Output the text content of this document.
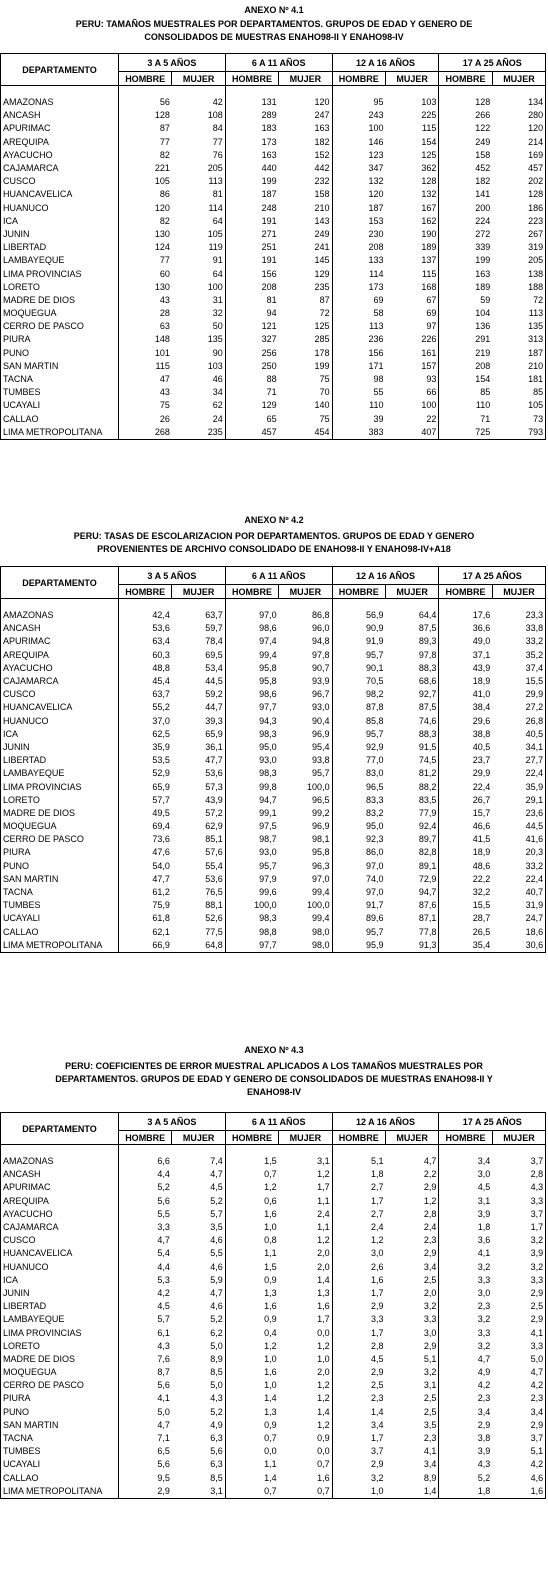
ANEXO Nº 4.1
PERU: TAMAÑOS MUESTRALES POR DEPARTAMENTOS. GRUPOS DE EDAD Y GENERO DE
CONSOLIDADOS DE MUESTRAS ENAHO98-II Y ENAHO98-IV
DEPARTAMENTO	3 A 5 AÑOS		6 A 11 AÑOS		12 A 16 AÑOS		17 A 25 AÑOS	
	HOMBRE	MUJER	HOMBRE	MUJER	HOMBRE	MUJER	HOMBRE	MUJER

AMAZONAS	56	42	131	120	95	103	128	134
ANCASH	128	108	289	247	243	225	266	280
APURIMAC	87	84	183	163	100	115	122	120
AREQUIPA	77	77	173	182	146	154	249	214
AYACUCHO	82	76	163	152	123	125	158	169
CAJAMARCA	221	205	440	442	347	362	452	457
CUSCO	105	113	199	232	132	128	182	202
HUANCAVELICA	86	81	187	158	120	132	141	128
HUANUCO	120	114	248	210	187	167	200	186
ICA	82	64	191	143	153	162	224	223
JUNIN	130	105	271	249	230	190	272	267
LIBERTAD	124	119	251	241	208	189	339	319
LAMBAYEQUE	77	91	191	145	133	137	199	205
LIMA PROVINCIAS	60	64	156	129	114	115	163	138
LORETO	130	100	208	235	173	168	189	188
MADRE DE DIOS	43	31	81	87	69	67	59	72
MOQUEGUA	28	32	94	72	58	69	104	113
CERRO DE PASCO	63	50	121	125	113	97	136	135
PIURA	148	135	327	285	236	226	291	313
PUNO	101	90	256	178	156	161	219	187
SAN MARTIN	115	103	250	199	171	157	208	210
TACNA	47	46	88	75	98	93	154	181
TUMBES	43	34	71	70	55	66	85	85
UCAYALI	75	62	129	140	110	100	110	105
CALLAO	26	24	65	75	39	22	71	73
LIMA METROPOLITANA	268	235	457	454	383	407	725	793
ANEXO Nº 4.2
PERU: TASAS DE ESCOLARIZACION POR DEPARTAMENTOS. GRUPOS DE EDAD Y GENERO
PROVENIENTES DE ARCHIVO CONSOLIDADO DE ENAHO98-II Y ENAHO98-IV+A18
DEPARTAMENTO	3 A 5 AÑOS		6 A 11 AÑOS		12 A 16 AÑOS		17 A 25 AÑOS	
	HOMBRE	MUJER	HOMBRE	MUJER	HOMBRE	MUJER	HOMBRE	MUJER

AMAZONAS	42,4	63,7	97,0	86,8	56,9	64,4	17,6	23,3
ANCASH	53,6	59,7	98,6	96,0	90,9	87,5	36,6	33,8
APURIMAC	63,4	78,4	97,4	94,8	91,9	89,3	49,0	33,2
AREQUIPA	60,3	69,5	99,4	97,8	95,7	97,8	37,1	35,2
AYACUCHO	48,8	53,4	95,8	90,7	90,1	88,3	43,9	37,4
CAJAMARCA	45,4	44,5	95,8	93,9	70,5	68,6	18,9	15,5
CUSCO	63,7	59,2	98,6	96,7	98,2	92,7	41,0	29,9
HUANCAVELICA	55,2	44,7	97,7	93,0	87,8	87,5	38,4	27,2
HUANUCO	37,0	39,3	94,3	90,4	85,8	74,6	29,6	26,8
ICA	62,5	65,9	98,3	96,9	95,7	88,3	38,8	40,5
JUNIN	35,9	36,1	95,0	95,4	92,9	91,5	40,5	34,1
LIBERTAD	53,5	47,7	93,0	93,8	77,0	74,5	23,7	27,7
LAMBAYEQUE	52,9	53,6	98,3	95,7	83,0	81,2	29,9	22,4
LIMA PROVINCIAS	65,9	57,3	99,8	100,0	96,5	88,2	22,4	35,9
LORETO	57,7	43,9	94,7	96,5	83,3	83,5	26,7	29,1
MADRE DE DIOS	49,5	57,2	99,1	99,2	83,2	77,9	15,7	23,6
MOQUEGUA	69,4	62,9	97,5	96,9	95,0	92,4	46,6	44,5
CERRO DE PASCO	73,6	85,1	98,7	98,1	92,3	89,7	41,5	41,6
PIURA	47,6	57,6	93,0	95,8	86,0	82,8	18,9	20,3
PUNO	54,0	55,4	95,7	96,3	97,0	89,1	48,6	33,2
SAN MARTIN	47,7	53,6	97,9	97,0	74,0	72,9	22,2	22,4
TACNA	61,2	76,5	99,6	99,4	97,0	94,7	32,2	40,7
TUMBES	75,9	88,1	100,0	100,0	91,7	87,6	15,5	31,9
UCAYALI	61,8	52,6	98,3	99,4	89,6	87,1	28,7	24,7
CALLAO	62,1	77,5	98,8	98,0	95,7	77,8	26,5	18,6
LIMA METROPOLITANA	66,9	64,8	97,7	98,0	95,9	91,3	35,4	30,6
ANEXO Nº 4.3
PERU: COEFICIENTES DE ERROR MUESTRAL APLICADOS A LOS TAMAÑOS MUESTRALES POR
DEPARTAMENTOS. GRUPOS DE EDAD Y GENERO DE CONSOLIDADOS DE MUESTRAS ENAHO98-II Y
ENAHO98-IV
DEPARTAMENTO	3 A 5 AÑOS		6 A 11 AÑOS		12 A 16 AÑOS		17 A 25 AÑOS	
	HOMBRE	MUJER	HOMBRE	MUJER	HOMBRE	MUJER	HOMBRE	MUJER

AMAZONAS	6,6	7,4	1,5	3,1	5,1	4,7	3,4	3,7
ANCASH	4,4	4,7	0,7	1,2	1,8	2,2	3,0	2,8
APURIMAC	5,2	4,5	1,2	1,7	2,7	2,9	4,5	4,3
AREQUIPA	5,6	5,2	0,6	1,1	1,7	1,2	3,1	3,3
AYACUCHO	5,5	5,7	1,6	2,4	2,7	2,8	3,9	3,7
CAJAMARCA	3,3	3,5	1,0	1,1	2,4	2,4	1,8	1,7
CUSCO	4,7	4,6	0,8	1,2	1,2	2,3	3,6	3,2
HUANCAVELICA	5,4	5,5	1,1	2,0	3,0	2,9	4,1	3,9
HUANUCO	4,4	4,6	1,5	2,0	2,6	3,4	3,2	3,2
ICA	5,3	5,9	0,9	1,4	1,6	2,5	3,3	3,3
JUNIN	4,2	4,7	1,3	1,3	1,7	2,0	3,0	2,9
LIBERTAD	4,5	4,6	1,6	1,6	2,9	3,2	2,3	2,5
LAMBAYEQUE	5,7	5,2	0,9	1,7	3,3	3,3	3,2	2,9
LIMA PROVINCIAS	6,1	6,2	0,4	0,0	1,7	3,0	3,3	4,1
LORETO	4,3	5,0	1,2	1,2	2,8	2,9	3,2	3,3
MADRE DE DIOS	7,6	8,9	1,0	1,0	4,5	5,1	4,7	5,0
MOQUEGUA	8,7	8,5	1,6	2,0	2,9	3,2	4,9	4,7
CERRO DE PASCO	5,6	5,0	1,0	1,2	2,5	3,1	4,2	4,2
PIURA	4,1	4,3	1,4	1,2	2,3	2,5	2,3	2,3
PUNO	5,0	5,2	1,3	1,4	1,4	2,5	3,4	3,4
SAN MARTIN	4,7	4,9	0,9	1,2	3,4	3,5	2,9	2,9
TACNA	7,1	6,3	0,7	0,9	1,7	2,3	3,8	3,7
TUMBES	6,5	5,6	0,0	0,0	3,7	4,1	3,9	5,1
UCAYALI	5,6	6,3	1,1	0,7	2,9	3,4	4,3	4,2
CALLAO	9,5	8,5	1,4	1,6	3,2	8,9	5,2	4,6
LIMA METROPOLITANA	2,9	3,1	0,7	0,7	1,0	1,4	1,8	1,6
